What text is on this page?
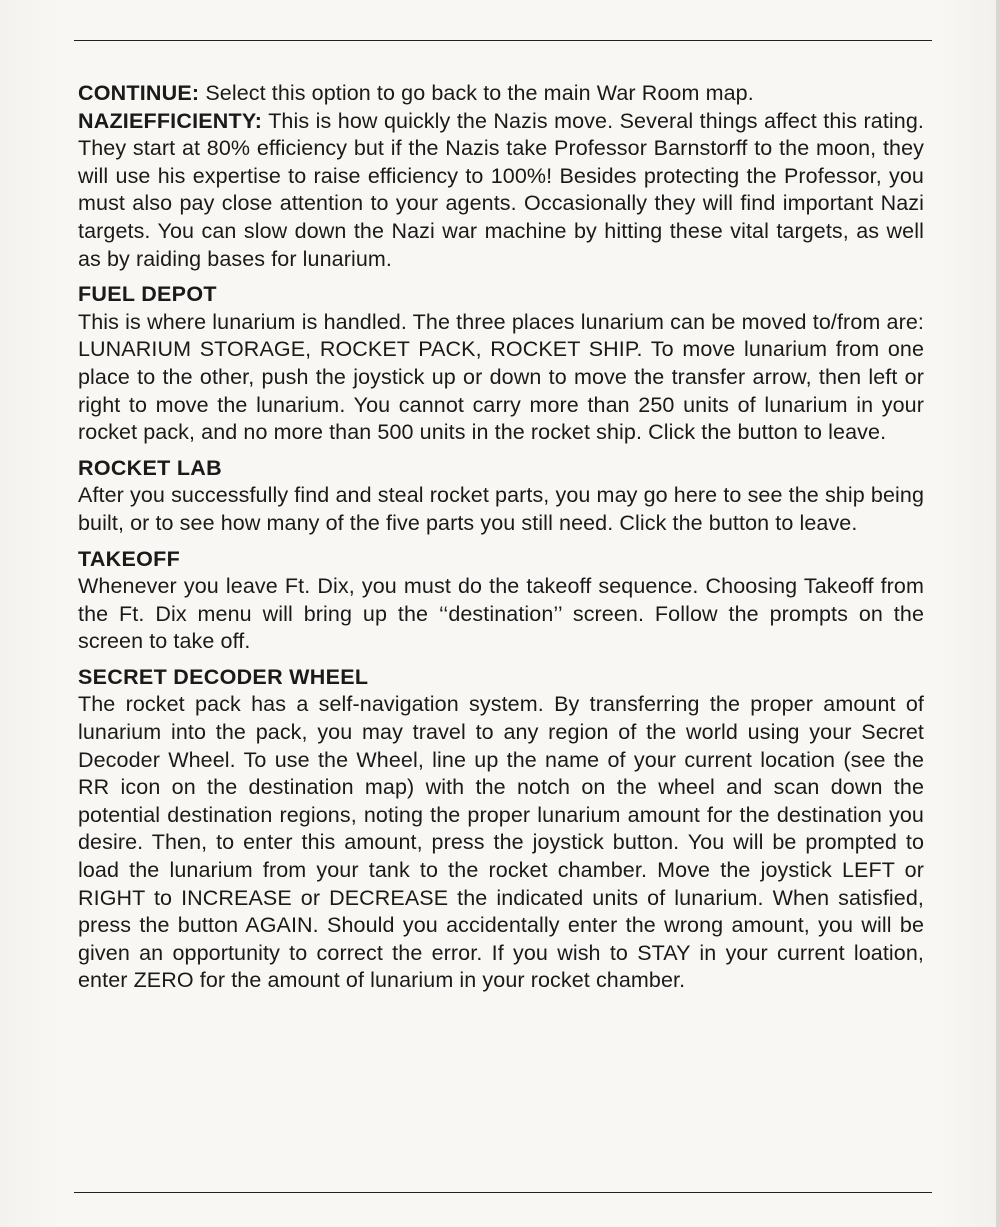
CONTINUE: Select this option to go back to the main War Room map.

NAZIEFFICIENTY: This is how quickly the Nazis move. Several things affect this rating. They start at 80% efficiency but if the Nazis take Professor Barnstorff to the moon, they will use his expertise to raise efficiency to 100%! Besides protecting the Professor, you must also pay close attention to your agents. Occasionally they will find important Nazi targets. You can slow down the Nazi war machine by hitting these vital targets, as well as by raiding bases for lunarium.

FUEL DEPOT

This is where lunarium is handled. The three places lunarium can be moved to/from are: LUNARIUM STORAGE, ROCKET PACK, ROCKET SHIP. To move lunarium from one place to the other, push the joystick up or down to move the transfer arrow, then left or right to move the lunarium. You cannot carry more than 250 units of lunarium in your rocket pack, and no more than 500 units in the rocket ship. Click the button to leave.

ROCKET LAB

After you successfully find and steal rocket parts, you may go here to see the ship being built, or to see how many of the five parts you still need. Click the button to leave.

TAKEOFF

Whenever you leave Ft. Dix, you must do the takeoff sequence. Choosing Takeoff from the Ft. Dix menu will bring up the ‘‘destination’’ screen. Follow the prompts on the screen to take off.

SECRET DECODER WHEEL

The rocket pack has a self-navigation system. By transferring the proper amount of lunarium into the pack, you may travel to any region of the world using your Secret Decoder Wheel. To use the Wheel, line up the name of your current location (see the RR icon on the destination map) with the notch on the wheel and scan down the potential destination regions, noting the proper lunarium amount for the destination you desire. Then, to enter this amount, press the joystick button. You will be prompted to load the lunarium from your tank to the rocket chamber. Move the joystick LEFT or RIGHT to INCREASE or DECREASE the indicated units of lunarium. When satisfied, press the button AGAIN. Should you accidentally enter the wrong amount, you will be given an opportunity to correct the error. If you wish to STAY in your current loation, enter ZERO for the amount of lunarium in your rocket chamber.
